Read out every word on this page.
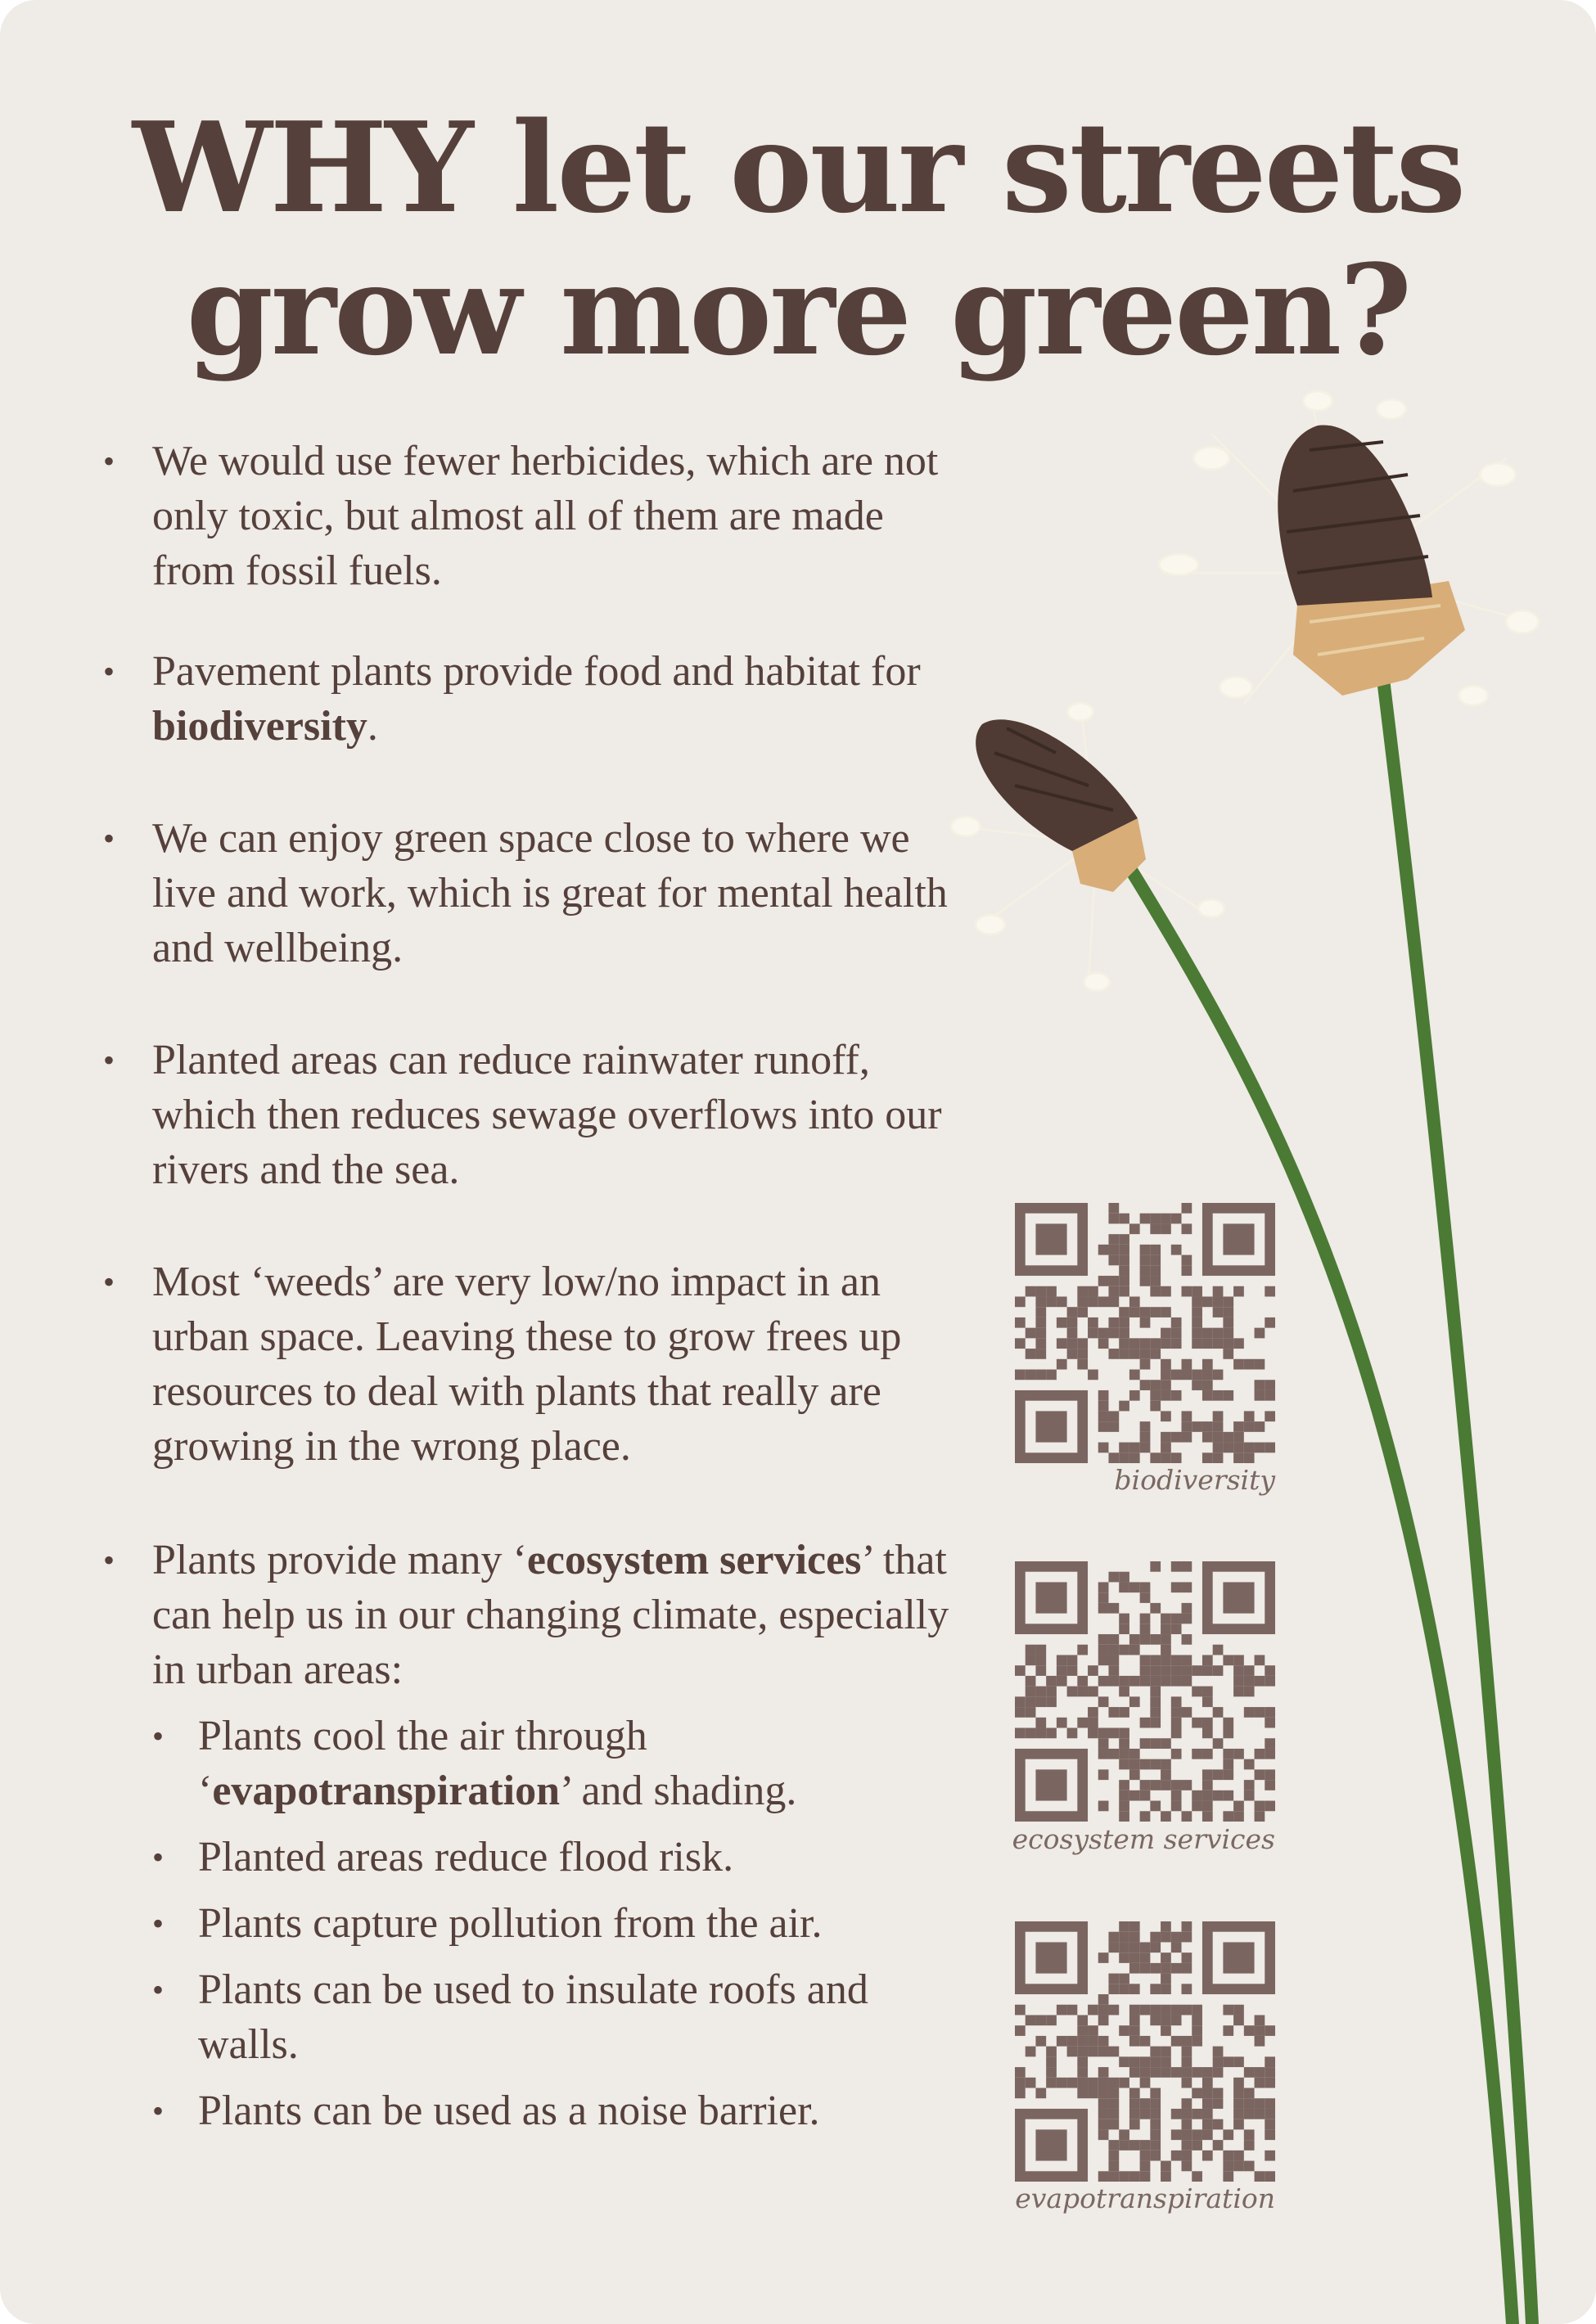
WHY let our streets
grow more green?
• We would use fewer herbicides, which are not only toxic, but almost all of them are made from fossil fuels.
• Pavement plants provide food and habitat for biodiversity.
• We can enjoy green space close to where we live and work, which is great for mental health and wellbeing.
• Planted areas can reduce rainwater runoff, which then reduces sewage overflows into our rivers and the sea.
• Most ‘weeds’ are very low/no impact in an urban space. Leaving these to grow frees up resources to deal with plants that really are growing in the wrong place.
• Plants provide many ‘ecosystem services’ that can help us in our changing climate, especially in urban areas:
• Plants cool the air through ‘evapotranspiration’ and shading.
• Planted areas reduce flood risk.
• Plants capture pollution from the air.
• Plants can be used to insulate roofs and walls.
• Plants can be used as a noise barrier.
biodiversity
ecosystem services
evapotranspiration
